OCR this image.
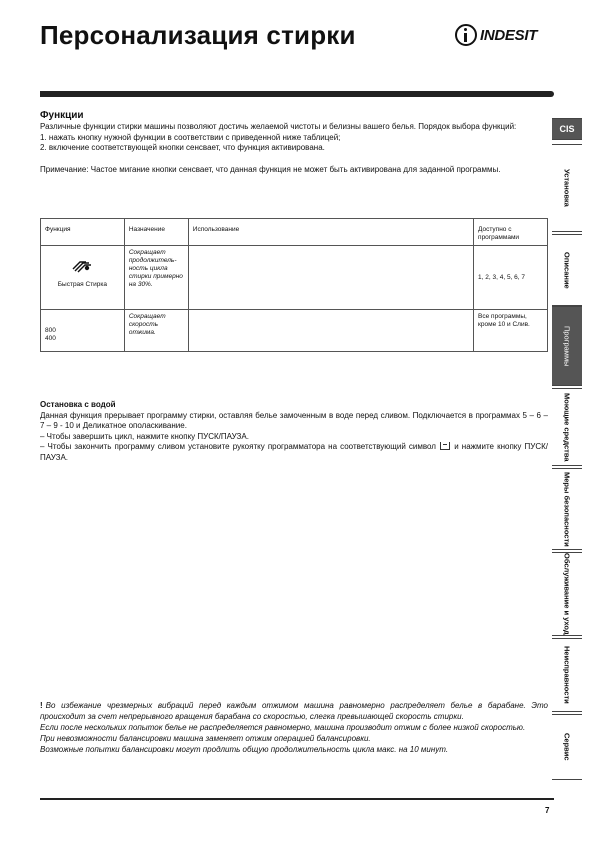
Персонализация стирки	INDESIT

Функции

Различные функции стирки машины позволяют достичь желаемой чистоты и белизны вашего белья. Порядок выбора функций:

1. нажать кнопку нужной функции в соответствии с приведенной ниже таблицей;

2. включение соответствующей кнопки сенсвает, что функция активирована.

Примечание: Частое мигание кнопки сенсвает, что данная функция не может быть активирована для заданной программы.

Функция	Назначение	Использование	Доступно с программами

Быстрая Стирка	Сокращает продолжитель-ность цикла стирки примерно на 30%.		1, 2, 3, 4, 5, 6, 7
800
400	Сокращает скорость отжима.		Все программы, кроме 10 и Слив.

Остановка с водой

Данная функция прерывает программу стирки, оставляя белье замоченным в воде перед сливом. Подключается в программах 5 – 6 – 7 – 9 - 10 и Деликатное ополаскивание.

– Чтобы завершить цикл, нажмите кнопку ПУСК/ПАУЗА.

– Чтобы закончить программу сливом установите рукоятку программатора на соответствующий символ и нажмите кнопку ПУСК/ПАУЗА.

! Во избежание чрезмерных вибраций перед каждым отжимом машина равномерно распределяет белье в барабане. Это происходит за счет непрерывного вращения барабана со скоростью, слегка превышающей скорость стирки.

Если после нескольких попыток белье не распределяется равномерно, машина производит отжим с более низкой скоростью.

При невозможности балансировки машина заменяет отжим операцией балансировки.

Возможные попытки балансировки могут продлить общую продолжительность цикла макс. на 10 минут.

CIS
Установка
Описание
Программы
Моющие средства
Меры безопасности
Обслуживание и уход
Неисправности
Сервис
7
